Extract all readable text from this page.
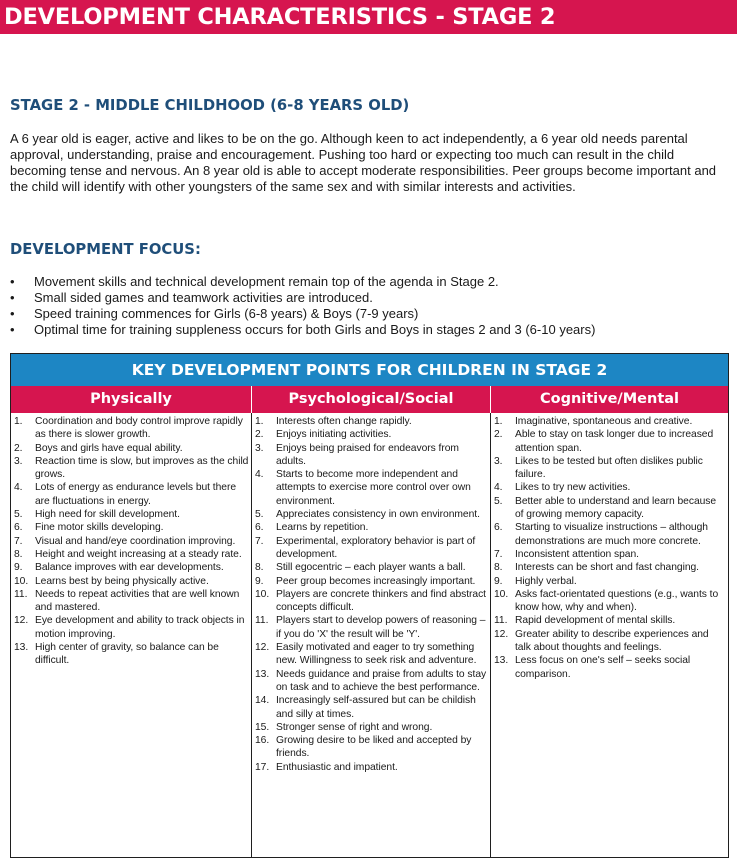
DEVELOPMENT CHARACTERISTICS - STAGE 2
STAGE 2 - MIDDLE CHILDHOOD (6-8 YEARS OLD)

A 6 year old is eager, active and likes to be on the go. Although keen to act independently, a 6 year old needs parental approval, understanding, praise and encouragement. Pushing too hard or expecting too much can result in the child becoming tense and nervous. An 8 year old is able to accept moderate responsibilities. Peer groups become important and the child will identify with other youngsters of the same sex and with similar interests and activities.

DEVELOPMENT FOCUS:
• Movement skills and technical development remain top of the agenda in Stage 2.
• Small sided games and teamwork activities are introduced.
• Speed training commences for Girls (6-8 years) & Boys (7-9 years)
• Optimal time for training suppleness occurs for both Girls and Boys in stages 2 and 3 (6-10 years)
KEY DEVELOPMENT POINTS FOR CHILDREN IN STAGE 2
Physically	Psychological/Social	Cognitive/Mental
1. Coordination and body control improve rapidly as there is slower growth.
2. Boys and girls have equal ability.
3. Reaction time is slow, but improves as the child grows.
4. Lots of energy as endurance levels but there are fluctuations in energy.
5. High need for skill development.
6. Fine motor skills developing.
7. Visual and hand/eye coordination improving.
8. Height and weight increasing at a steady rate.
9. Balance improves with ear developments.
10. Learns best by being physically active.
11. Needs to repeat activities that are well known and mastered.
12. Eye development and ability to track objects in motion improving.
13. High center of gravity, so balance can be difficult.
1. Interests often change rapidly.
2. Enjoys initiating activities.
3. Enjoys being praised for endeavors from adults.
4. Starts to become more independent and attempts to exercise more control over own environment.
5. Appreciates consistency in own environment.
6. Learns by repetition.
7. Experimental, exploratory behavior is part of development.
8. Still egocentric – each player wants a ball.
9. Peer group becomes increasingly important.
10. Players are concrete thinkers and find abstract concepts difficult.
11. Players start to develop powers of reasoning – if you do 'X' the result will be 'Y'.
12. Easily motivated and eager to try something new. Willingness to seek risk and adventure.
13. Needs guidance and praise from adults to stay on task and to achieve the best performance.
14. Increasingly self-assured but can be childish and silly at times.
15. Stronger sense of right and wrong.
16. Growing desire to be liked and accepted by friends.
17. Enthusiastic and impatient.
1. Imaginative, spontaneous and creative.
2. Able to stay on task longer due to increased attention span.
3. Likes to be tested but often dislikes public failure.
4. Likes to try new activities.
5. Better able to understand and learn because of growing memory capacity.
6. Starting to visualize instructions – although demonstrations are much more concrete.
7. Inconsistent attention span.
8. Interests can be short and fast changing.
9. Highly verbal.
10. Asks fact-orientated questions (e.g., wants to know how, why and when).
11. Rapid development of mental skills.
12. Greater ability to describe experiences and talk about thoughts and feelings.
13. Less focus on one's self – seeks social comparison.
